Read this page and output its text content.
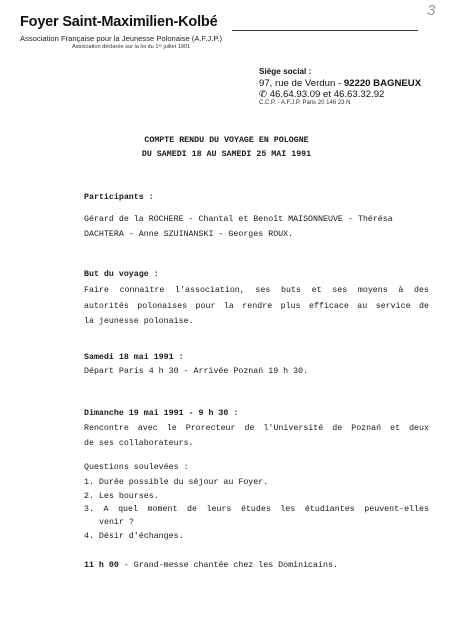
Foyer Saint-Maximilien-Kolbé
3
Association Française pour la Jeunesse Polonaise (A.F.J.P.)
Association déclarée sur la loi du 1ᵉʳ juillet 1901
Siège social :
97, rue de Verdun - 92220 BAGNEUX
✆ 46.64.93.09 et 46.63.32.92
C.C.P. - A.F.J.P. Paris 20 146 23 N
COMPTE RENDU DU VOYAGE EN POLOGNE
DU SAMEDI 18 AU SAMEDI 25 MAI 1991
Participants :
Gérard de la ROCHERE - Chantal et Benoît MAISONNEUVE - Thérésa
DACHTERA - Anne SZUINANSKI - Georges ROUX.
But du voyage :
Faire connaitre l'association, ses buts et ses moyens à des
autorités polonaises pour la rendre plus efficace au service de
la jeunesse polonaise.
Samedi 18 mai 1991 :
Départ Paris 4 h 30 - Arrivée Poznań 19 h 30.
Dimanche 19 mai 1991 - 9 h 30 :
Rencontre avec le Prorecteur de l'Université de Poznań et deux
de ses collaborateurs.
Questions soulevées :
1. Durée possible du séjour au Foyer.
2. Les bourses.
3. A quel moment de leurs études les étudiantes peuvent-elles
venir ?
4. Désir d'échanges.
11 h 00 - Grand-messe chantée chez les Dominicains.
